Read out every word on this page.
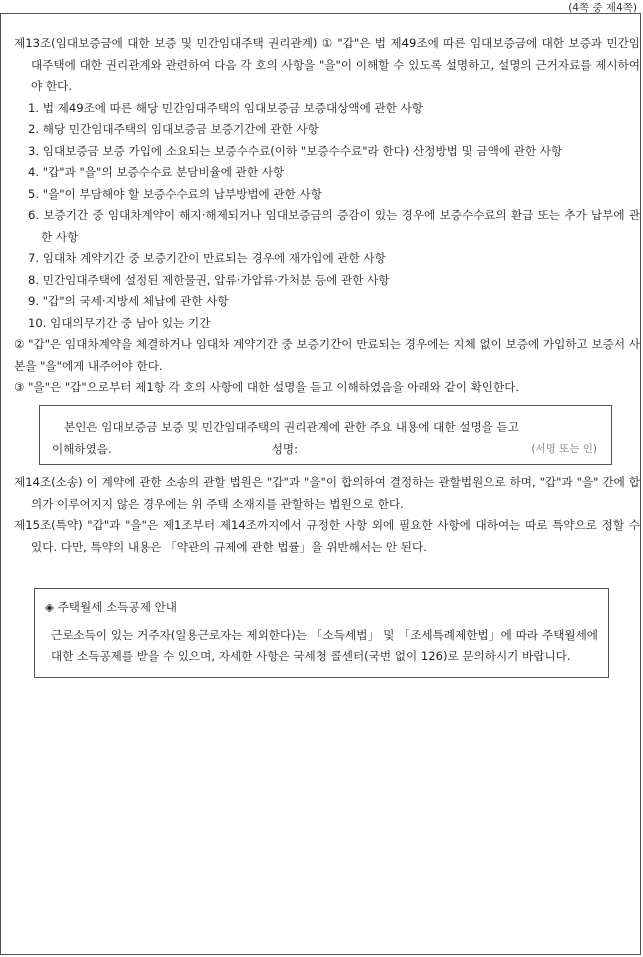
(4쪽 중 제4쪽)

제13조(임대보증금에 대한 보증 및 민간임대주택 권리관계) ① "갑"은 법 제49조에 따른 임대보증금에 대한 보증과 민간임대주택에 대한 권리관계와 관련하여 다음 각 호의 사항을 "을"이 이해할 수 있도록 설명하고, 설명의 근거자료를 제시하여야 한다.

1. 법 제49조에 따른 해당 민간임대주택의 임대보증금 보증대상액에 관한 사항

2. 해당 민간임대주택의 임대보증금 보증기간에 관한 사항

3. 임대보증금 보증 가입에 소요되는 보증수수료(이하 "보증수수료"라 한다) 산정방법 및 금액에 관한 사항

4. "갑"과 "을"의 보증수수료 분담비율에 관한 사항

5. "을"이 부담해야 할 보증수수료의 납부방법에 관한 사항

6. 보증기간 중 임대차계약이 해지·해제되거나 임대보증금의 증감이 있는 경우에 보증수수료의 환급 또는 추가 납부에 관한 사항

7. 임대차 계약기간 중 보증기간이 만료되는 경우에 재가입에 관한 사항

8. 민간임대주택에 설정된 제한물권, 압류·가압류·가처분 등에 관한 사항

9. "갑"의 국세·지방세 체납에 관한 사항

10. 임대의무기간 중 남아 있는 기간

② "갑"은 임대차계약을 체결하거나 임대차 계약기간 중 보증기간이 만료되는 경우에는 지체 없이 보증에 가입하고 보증서 사본을 "을"에게 내주어야 한다.

③ "을"은 "갑"으로부터 제1항 각 호의 사항에 대한 설명을 듣고 이해하였음을 아래와 같이 확인한다.

본인은 임대보증금 보증 및 민간임대주택의 권리관계에 관한 주요 내용에 대한 설명을 듣고

이해하였음.	성명:	(서명 또는 인)

제14조(소송) 이 계약에 관한 소송의 관할 법원은 "갑"과 "을"이 합의하여 결정하는 관할법원으로 하며, "갑"과 "을" 간에 합의가 이루어지지 않은 경우에는 위 주택 소재지를 관할하는 법원으로 한다.

제15조(특약) "갑"과 "을"은 제1조부터 제14조까지에서 규정한 사항 외에 필요한 사항에 대하여는 따로 특약으로 정할 수 있다. 다만, 특약의 내용은 「약관의 규제에 관한 법률」을 위반해서는 안 된다.

◈ 주택월세 소득공제 안내
근로소득이 있는 거주자(일용근로자는 제외한다)는 「소득세법」 및 「조세특례제한법」에 따라 주택월세에 대한 소득공제를 받을 수 있으며, 자세한 사항은 국세청 콜센터(국번 없이 126)로 문의하시기 바랍니다.
